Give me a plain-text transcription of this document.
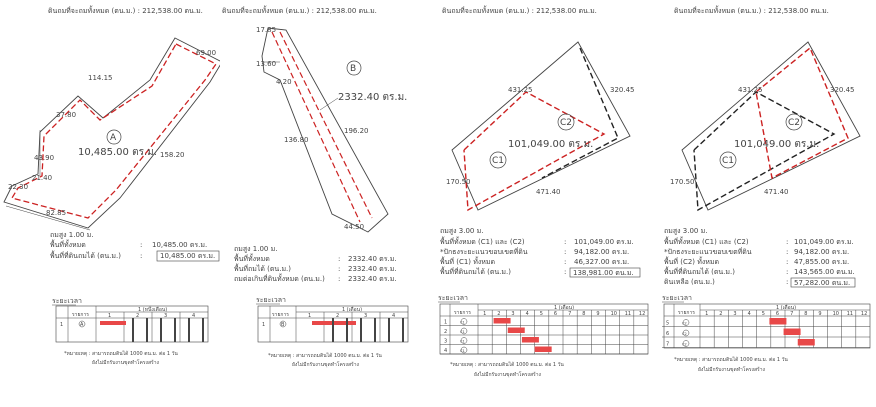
ดินถมที่จะถมทั้งหมด (ตน.ม.) : 212,538.00 ตน.ม.
114.15
69.00
158.20
37.80
43.90
21.40
22.30
82.85
A
10,485.00 ตร.ม.
ถมสูง 1.00 ม.
พื้นที่ทั้งหมด	: 10,485.00 ตร.ม.
พื้นที่ที่ดินถมได้ (ตน.ม.)	:	10,485.00 ตร.ม.
ระยะเวลา
รายการ
1 (หนึ่งเดือน)
1	2	3	4
1	A
*หมายเหตุ : สามารถถมดินได้ 1000 ตน.ม. ต่อ 1 วัน
ยังไม่มีกรับงานขุดทำโครงสร้าง
ดินถมที่จะถมทั้งหมด (ตน.ม.) : 212,538.00 ตน.ม.
17.85
13.60
4.20
196.20
136.80
44.50
B
2332.40 ตร.ม.
ถมสูง 1.00 ม.
พื้นที่ทั้งหมด	: 2332.40 ตร.ม.
พื้นที่ถมได้ (ตน.ม.)	: 2332.40 ตร.ม.
ถมต่อเกินที่ดินทั้งหมด (ตน.ม.) : 2332.40 ตร.ม.
ระยะเวลา
รายการ
1 (เดือน)
1	2	3	4
1	B
*หมายเหตุ : สามารถถมดินได้ 1000 ตน.ม. ต่อ 1 วัน
ยังไม่มีกรับงานขุดทำโครงสร้าง
ดินถมที่จะถมทั้งหมด (ตน.ม.) : 212,538.00 ตน.ม.
431.25	320.45
170.50
471.40
C1
C2
101,049.00 ตร.ม.
ถมสูง 3.00 ม.
พื้นที่ทั้งหมด (C1) และ (C2)	: 101,049.00 ตร.ม.
*ปักธงระยะแนวขอบเขตที่ดิน	: 94,182.00 ตร.ม.
พื้นที่ (C1) ทั้งหมด	: 46,327.00 ตร.ม.
พื้นที่ที่ดินถมได้ (ตน.ม.)	: 138,981.00 ตน.ม.
ระยะเวลา
รายการ
1 (เดือน)
1 2 3 4 5 6 7 8 9 10 11 12
1	C1
2	C1
3	C1
4	C1
*หมายเหตุ : สามารถถมดินได้ 1000 ตน.ม. ต่อ 1 วัน
ยังไม่มีกรับงานขุดทำโครงสร้าง
ดินถมที่จะถมทั้งหมด (ตน.ม.) : 212,538.00 ตน.ม.
431.25	320.45
170.50
471.40
C1
C2
101,049.00 ตร.ม.
ถมสูง 3.00 ม.
พื้นที่ทั้งหมด (C1) และ (C2)	: 101,049.00 ตร.ม.
*ปักธงระยะแนวขอบเขตที่ดิน	: 94,182.00 ตร.ม.
พื้นที่ (C2) ทั้งหมด	: 47,855.00 ตร.ม.
พื้นที่ที่ดินถมได้ (ตน.ม.)	: 143,565.00 ตน.ม.
ดินเหลือ (ตน.ม.)	: 57,282.00 ตน.ม.
ระยะเวลา
รายการ
1 (เดือน)
1 2 3 4 5 6 7 8 9 10 11 12
5	C2
6	C2
7	C2
*หมายเหตุ : สามารถถมดินได้ 1000 ตน.ม. ต่อ 1 วัน
ยังไม่มีกรับงานขุดทำโครงสร้าง
